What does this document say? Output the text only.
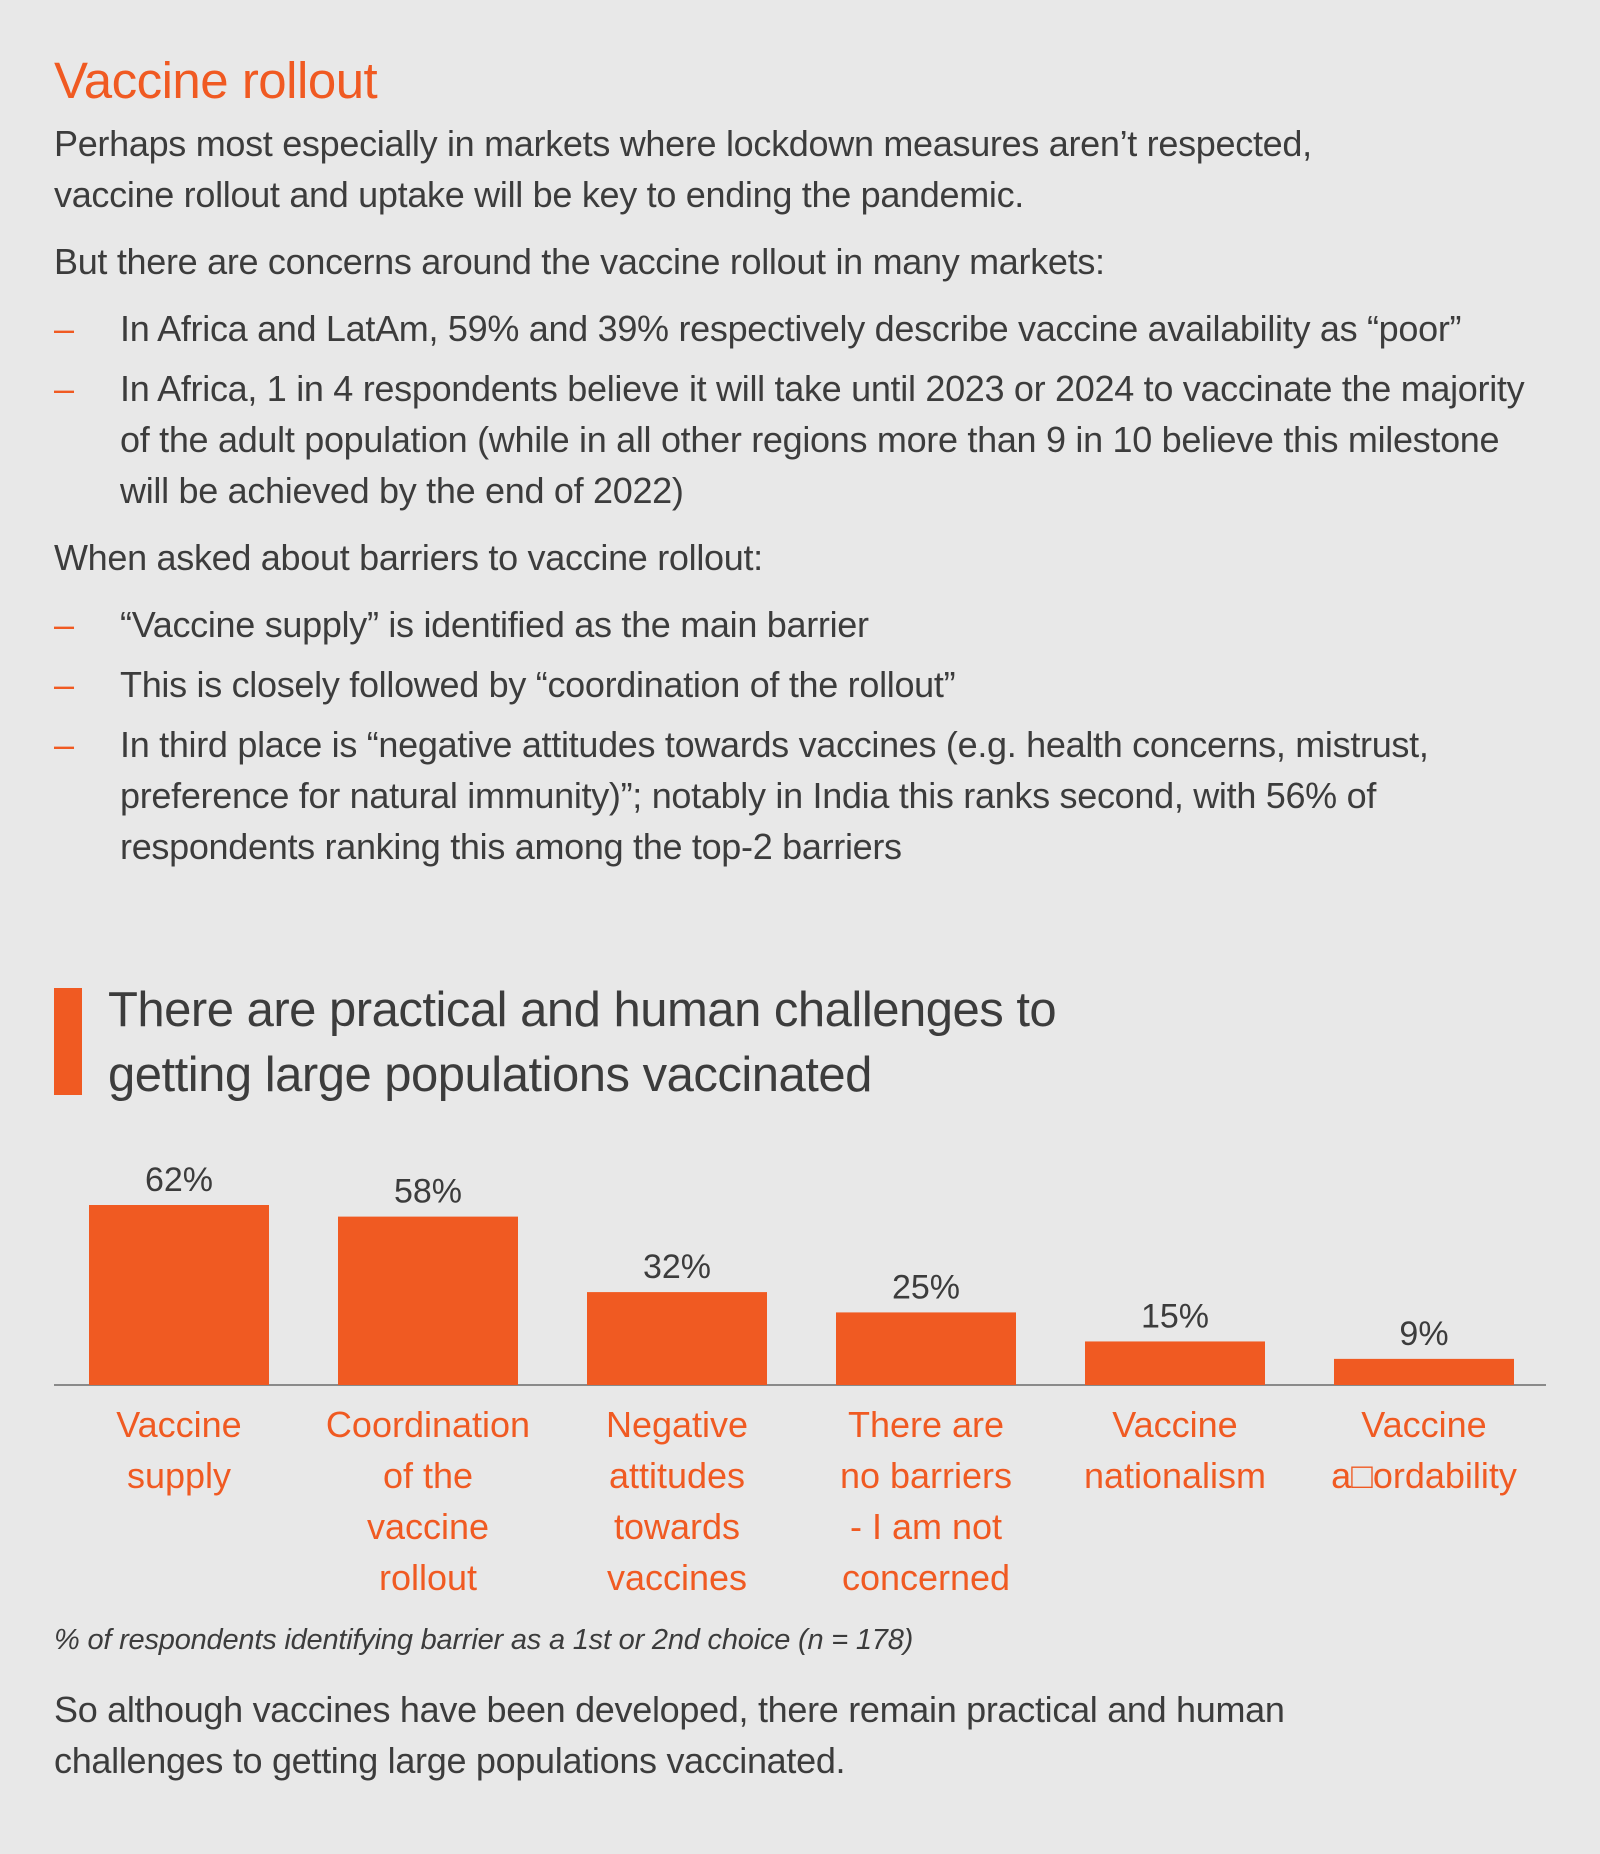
Vaccine rollout

Perhaps most especially in markets where lockdown measures aren’t respected,
vaccine rollout and uptake will be key to ending the pandemic.

But there are concerns around the vaccine rollout in many markets:

– In Africa and LatAm, 59% and 39% respectively describe vaccine availability as “poor”
– In Africa, 1 in 4 respondents believe it will take until 2023 or 2024 to vaccinate the majority of the adult population (while in all other regions more than 9 in 10 believe this milestone will be achieved by the end of 2022)

When asked about barriers to vaccine rollout:

– “Vaccine supply” is identified as the main barrier
– This is closely followed by “coordination of the rollout”
– In third place is “negative attitudes towards vaccines (e.g. health concerns, mistrust, preference for natural immunity)”; notably in India this ranks second, with 56% of respondents ranking this among the top-2 barriers
There are practical and human challenges to
getting large populations vaccinated
62%
Vaccine supply
58%
Coordination of the vaccine rollout
32%
Negative attitudes towards vaccines
25%
There are no barriers - I am not concerned
15%
Vaccine nationalism
9%
Vaccine a□ordability

% of respondents identifying barrier as a 1st or 2nd choice (n = 178)

So although vaccines have been developed, there remain practical and human
challenges to getting large populations vaccinated.
